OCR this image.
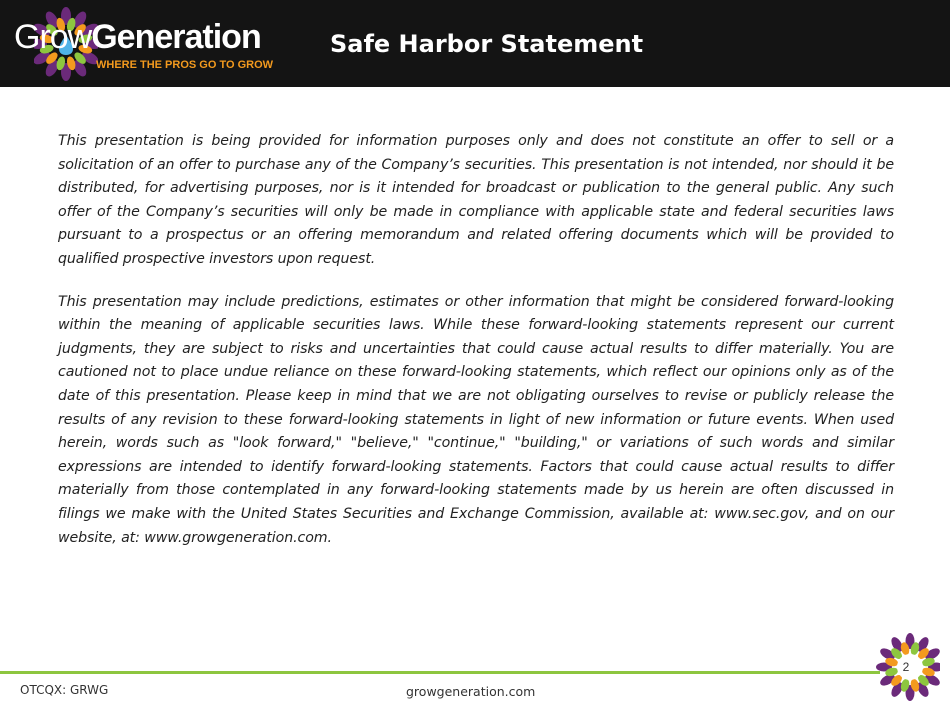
GrowGeneration
WHERE THE PROS GO TO GROW
Safe Harbor Statement

This presentation is being provided for information purposes only and does not constitute an offer to sell or a solicitation of an offer to purchase any of the Company’s securities. This presentation is not intended, nor should it be distributed, for advertising purposes, nor is it intended for broadcast or publication to the general public. Any such offer of the Company’s securities will only be made in compliance with applicable state and federal securities laws pursuant to a prospectus or an offering memorandum and related offering documents which will be provided to qualified prospective investors upon request.

This presentation may include predictions, estimates or other information that might be considered forward-looking within the meaning of applicable securities laws. While these forward-looking statements represent our current judgments, they are subject to risks and uncertainties that could cause actual results to differ materially. You are cautioned not to place undue reliance on these forward-looking statements, which reflect our opinions only as of the date of this presentation. Please keep in mind that we are not obligating ourselves to revise or publicly release the results of any revision to these forward-looking statements in light of new information or future events. When used herein, words such as "look forward," "believe," "continue," "building," or variations of such words and similar expressions are intended to identify forward-looking statements. Factors that could cause actual results to differ materially from those contemplated in any forward-looking statements made by us herein are often discussed in filings we make with the United States Securities and Exchange Commission, available at: www.sec.gov, and on our website, at: www.growgeneration.com.

2
OTCQX: GRWG	growgeneration.com
